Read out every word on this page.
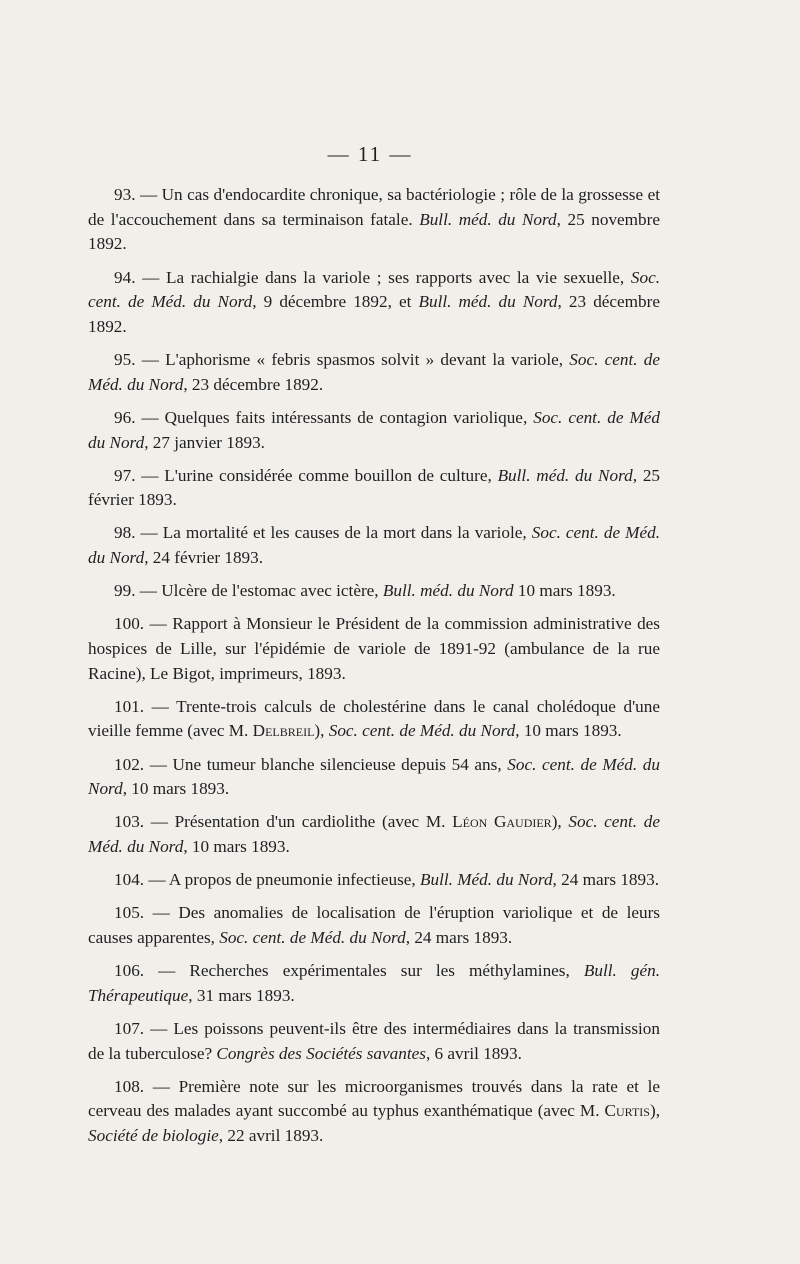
— 11 —

93. — Un cas d'endocardite chronique, sa bactériologie ; rôle de la grossesse et de l'accouchement dans sa terminaison fatale. Bull. méd. du Nord, 25 novembre 1892.

94. — La rachialgie dans la variole ; ses rapports avec la vie sexuelle, Soc. cent. de Méd. du Nord, 9 décembre 1892, et Bull. méd. du Nord, 23 décembre 1892.

95. — L'aphorisme « febris spasmos solvit » devant la variole, Soc. cent. de Méd. du Nord, 23 décembre 1892.

96. — Quelques faits intéressants de contagion variolique, Soc. cent. de Méd du Nord, 27 janvier 1893.

97. — L'urine considérée comme bouillon de culture, Bull. méd. du Nord, 25 février 1893.

98. — La mortalité et les causes de la mort dans la variole, Soc. cent. de Méd. du Nord, 24 février 1893.

99. — Ulcère de l'estomac avec ictère, Bull. méd. du Nord 10 mars 1893.

100. — Rapport à Monsieur le Président de la commission administrative des hospices de Lille, sur l'épidémie de variole de 1891-92 (ambulance de la rue Racine), Le Bigot, imprimeurs, 1893.

101. — Trente-trois calculs de cholestérine dans le canal cholédoque d'une vieille femme (avec M. Delbreil), Soc. cent. de Méd. du Nord, 10 mars 1893.

102. — Une tumeur blanche silencieuse depuis 54 ans, Soc. cent. de Méd. du Nord, 10 mars 1893.

103. — Présentation d'un cardiolithe (avec M. Léon Gaudier), Soc. cent. de Méd. du Nord, 10 mars 1893.

104. — A propos de pneumonie infectieuse, Bull. Méd. du Nord, 24 mars 1893.

105. — Des anomalies de localisation de l'éruption variolique et de leurs causes apparentes, Soc. cent. de Méd. du Nord, 24 mars 1893.

106. — Recherches expérimentales sur les méthylamines, Bull. gén. Thérapeutique, 31 mars 1893.

107. — Les poissons peuvent-ils être des intermédiaires dans la transmission de la tuberculose? Congrès des Sociétés savantes, 6 avril 1893.

108. — Première note sur les microorganismes trouvés dans la rate et le cerveau des malades ayant succombé au typhus exanthématique (avec M. Curtis), Société de biologie, 22 avril 1893.
